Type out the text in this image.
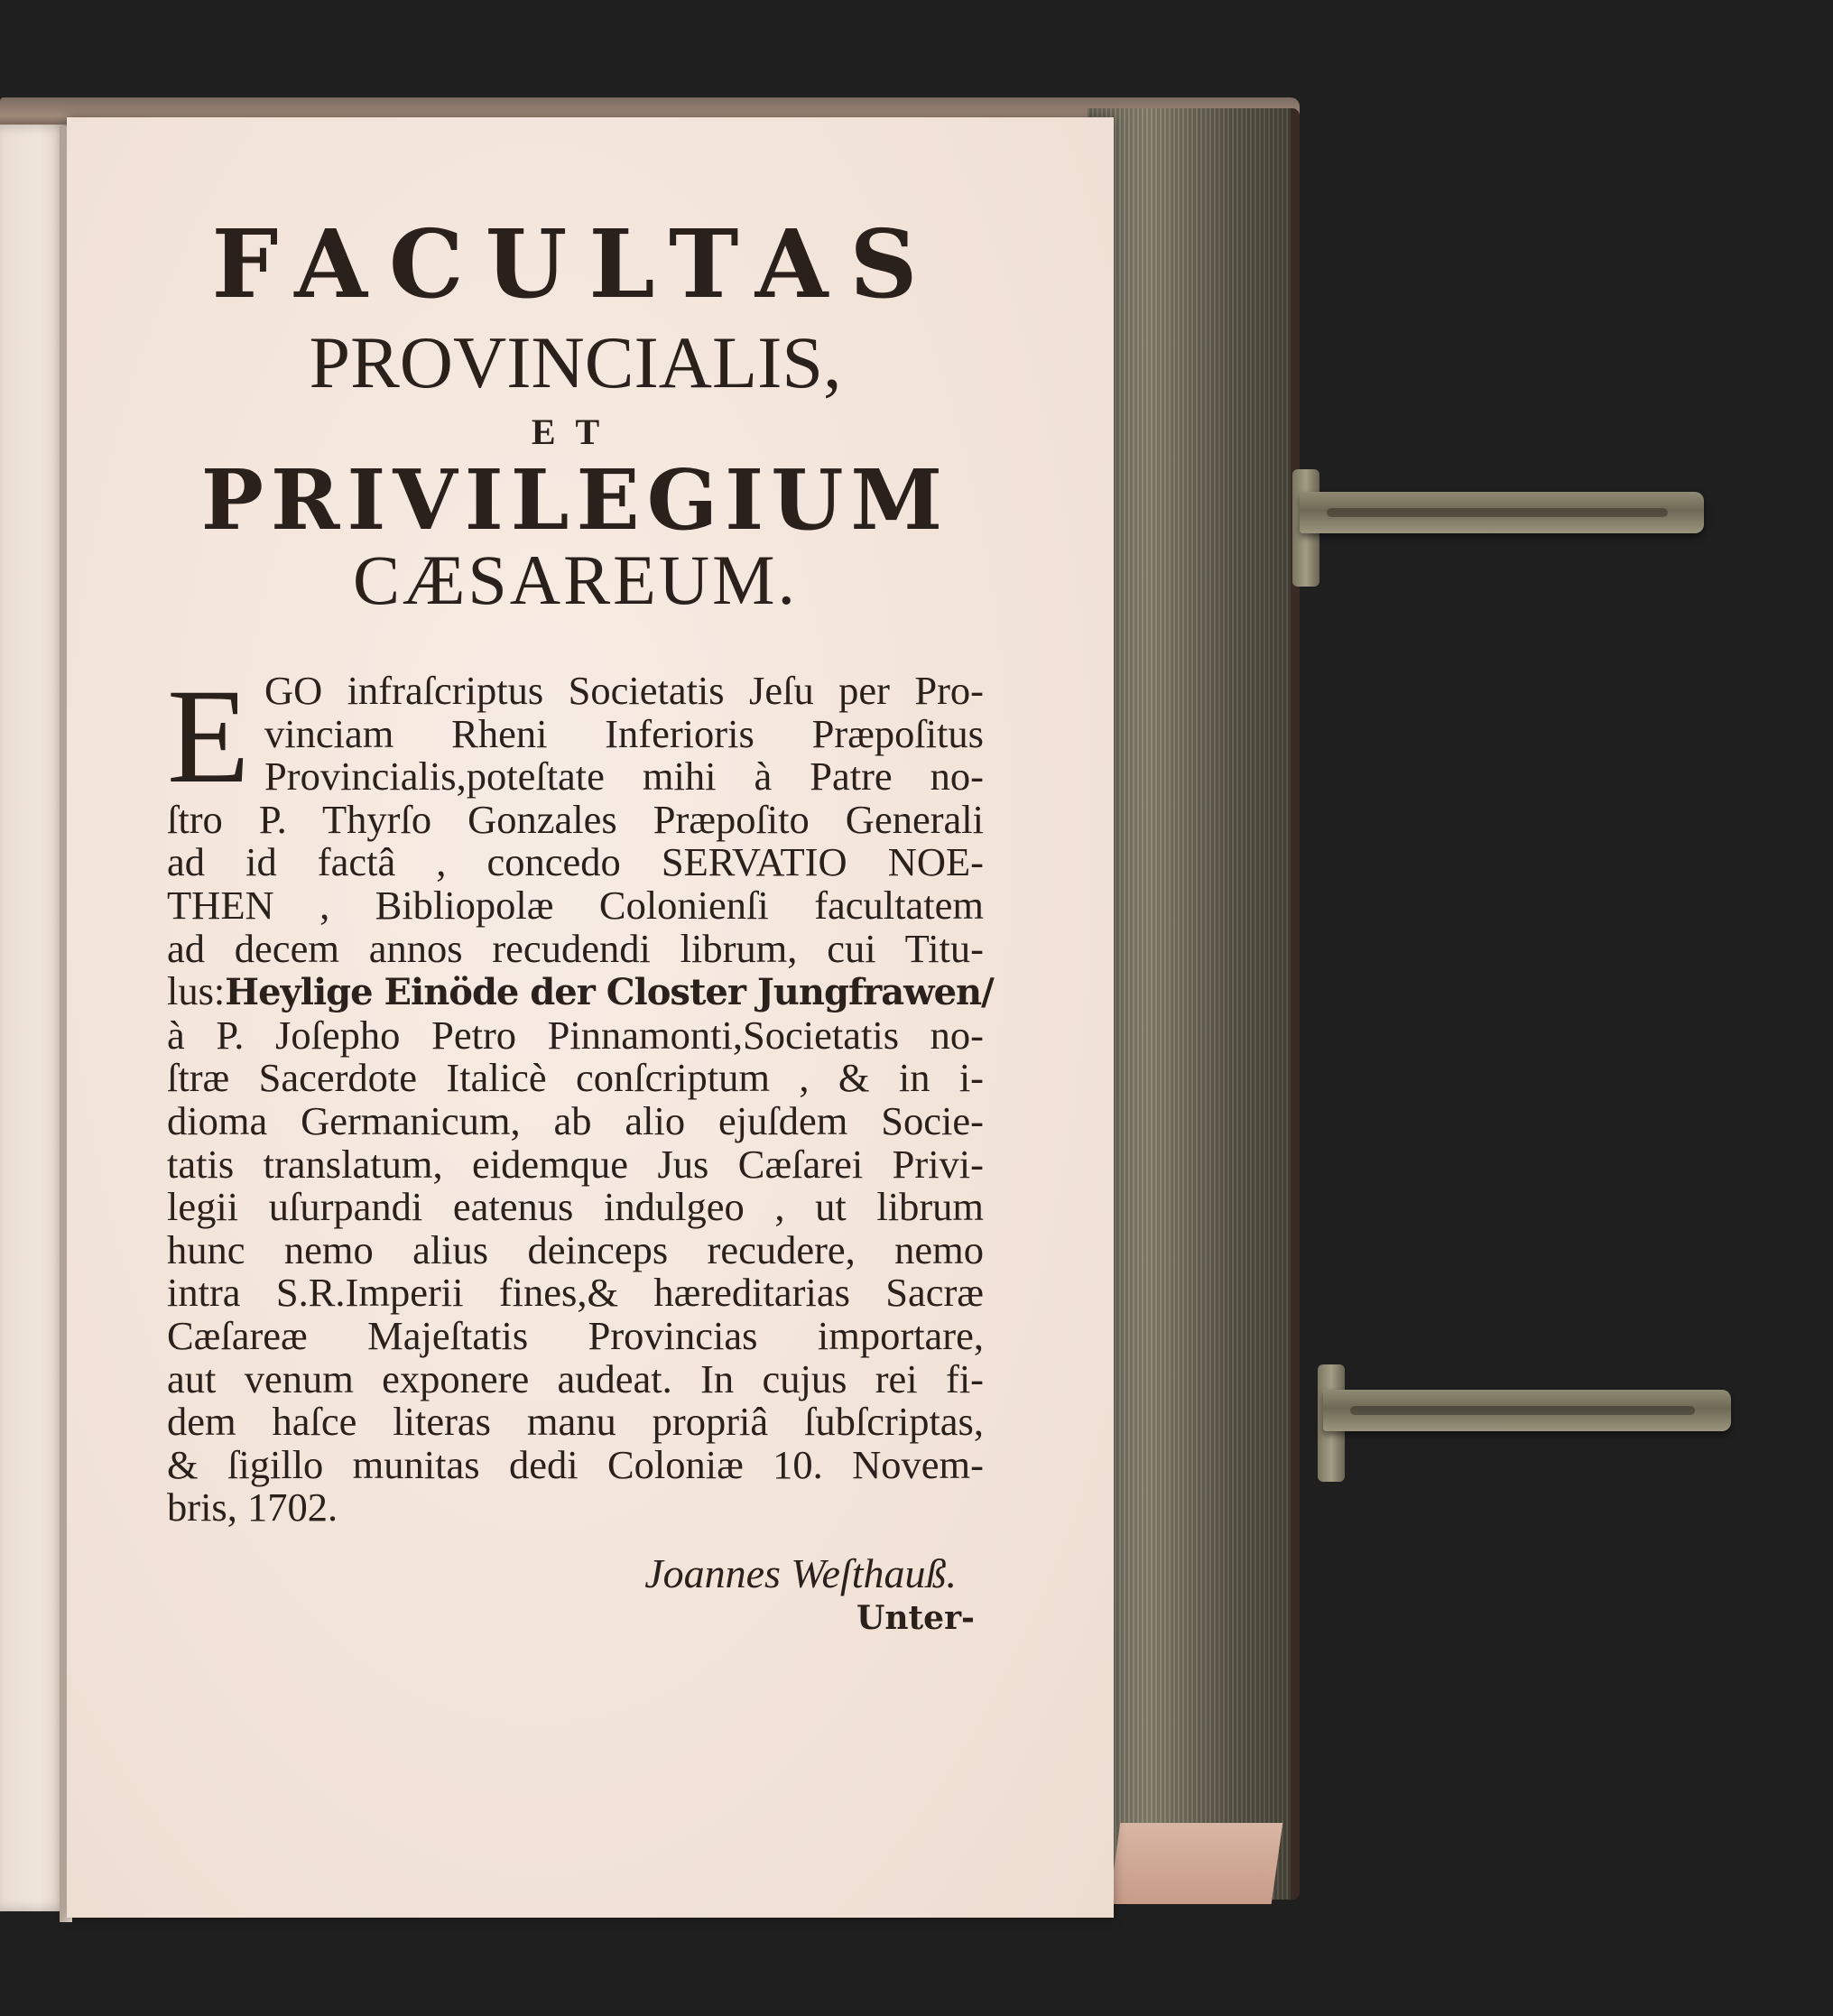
FACULTAS
PROVINCIALIS,
ET
PRIVILEGIUM
CÆSAREUM.
E GO infraſcriptus Societatis Jeſu per Pro-
vinciam Rheni Inferioris Præpoſitus
Provincialis,poteſtate mihi à Patre no-
ſtro P. Thyrſo Gonzales Præpoſito Generali
ad id factâ , concedo SERVATIO NOE-
THEN , Bibliopolæ Colonienſi facultatem
ad decem annos recudendi librum, cui Titu-
lus:Heylige Einöde der Closter Jungfrawen/
à P. Joſepho Petro Pinnamonti,Societatis no-
ſtræ Sacerdote Italicè conſcriptum , & in i-
dioma Germanicum, ab alio ejuſdem Socie-
tatis translatum, eidemque Jus Cæſarei Privi-
legii uſurpandi eatenus indulgeo , ut librum
hunc nemo alius deinceps recudere, nemo
intra S.R.Imperii fines,& hæreditarias Sacræ
Cæſareæ Majeſtatis Provincias importare,
aut venum exponere audeat. In cujus rei fi-
dem haſce literas manu propriâ ſubſcriptas,
& ſigillo munitas dedi Coloniæ 10. Novem-
bris, 1702.
Joannes Weſthauß.
Unter-
